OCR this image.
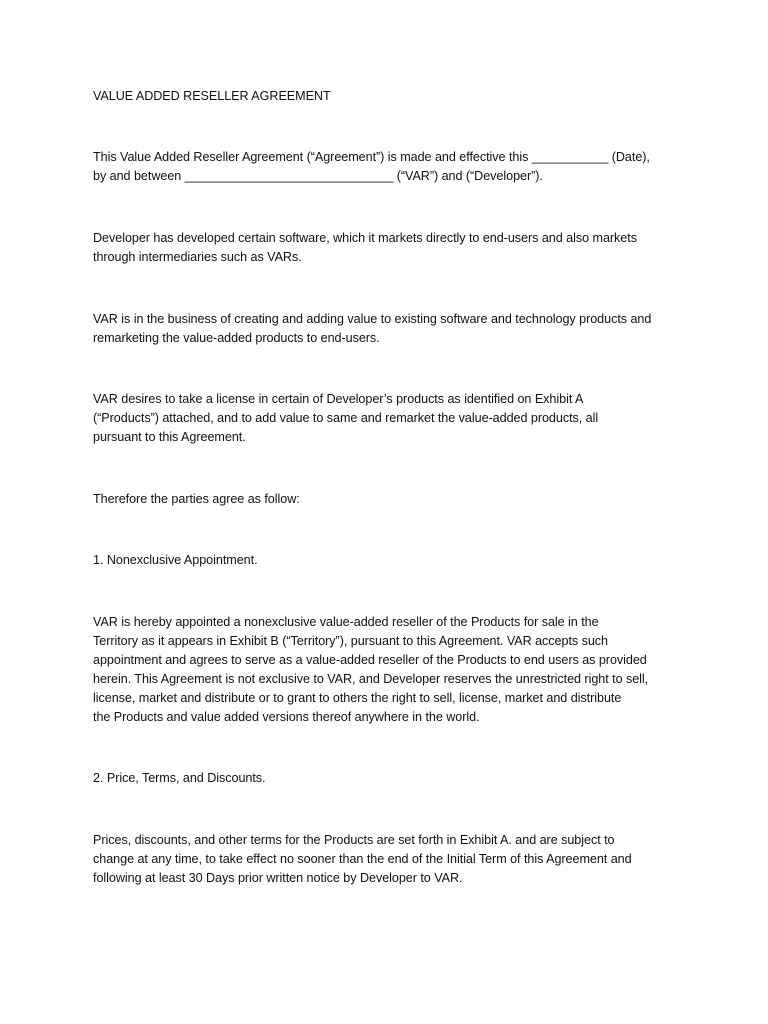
VALUE ADDED RESELLER AGREEMENT
This Value Added Reseller Agreement (“Agreement”) is made and effective this ___________ (Date),
by and between ______________________________ (“VAR”) and (“Developer”).
Developer has developed certain software, which it markets directly to end-users and also markets
through intermediaries such as VARs.
VAR is in the business of creating and adding value to existing software and technology products and
remarketing the value-added products to end-users.
VAR desires to take a license in certain of Developer’s products as identified on Exhibit A
(“Products”) attached, and to add value to same and remarket the value-added products, all
pursuant to this Agreement.
Therefore the parties agree as follow:
1. Nonexclusive Appointment.
VAR is hereby appointed a nonexclusive value-added reseller of the Products for sale in the
Territory as it appears in Exhibit B (“Territory”), pursuant to this Agreement. VAR accepts such
appointment and agrees to serve as a value-added reseller of the Products to end users as provided
herein. This Agreement is not exclusive to VAR, and Developer reserves the unrestricted right to sell,
license, market and distribute or to grant to others the right to sell, license, market and distribute
the Products and value added versions thereof anywhere in the world.
2. Price, Terms, and Discounts.
Prices, discounts, and other terms for the Products are set forth in Exhibit A. and are subject to
change at any time, to take effect no sooner than the end of the Initial Term of this Agreement and
following at least 30 Days prior written notice by Developer to VAR.
